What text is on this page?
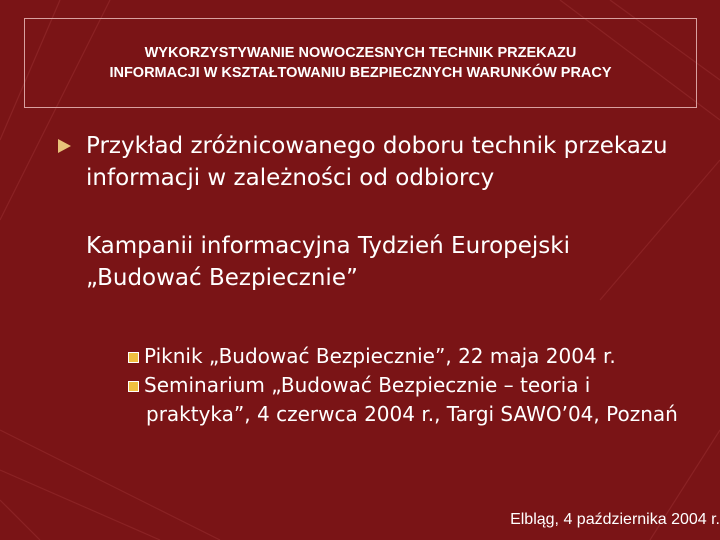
WYKORZYSTYWANIE NOWOCZESNYCH TECHNIK PRZEKAZU
INFORMACJI W KSZTAŁTOWANIU BEZPIECZNYCH WARUNKÓW PRACY
Przykład zróżnicowanego doboru technik przekazu
informacji w zależności od odbiorcy
Kampanii informacyjna Tydzień Europejski
„Budować Bezpiecznie”
Piknik „Budować Bezpiecznie”, 22 maja 2004 r.
Seminarium „Budować Bezpiecznie – teoria i
praktyka”, 4 czerwca 2004 r., Targi SAWO’04, Poznań
Elbląg, 4 października 2004 r.
